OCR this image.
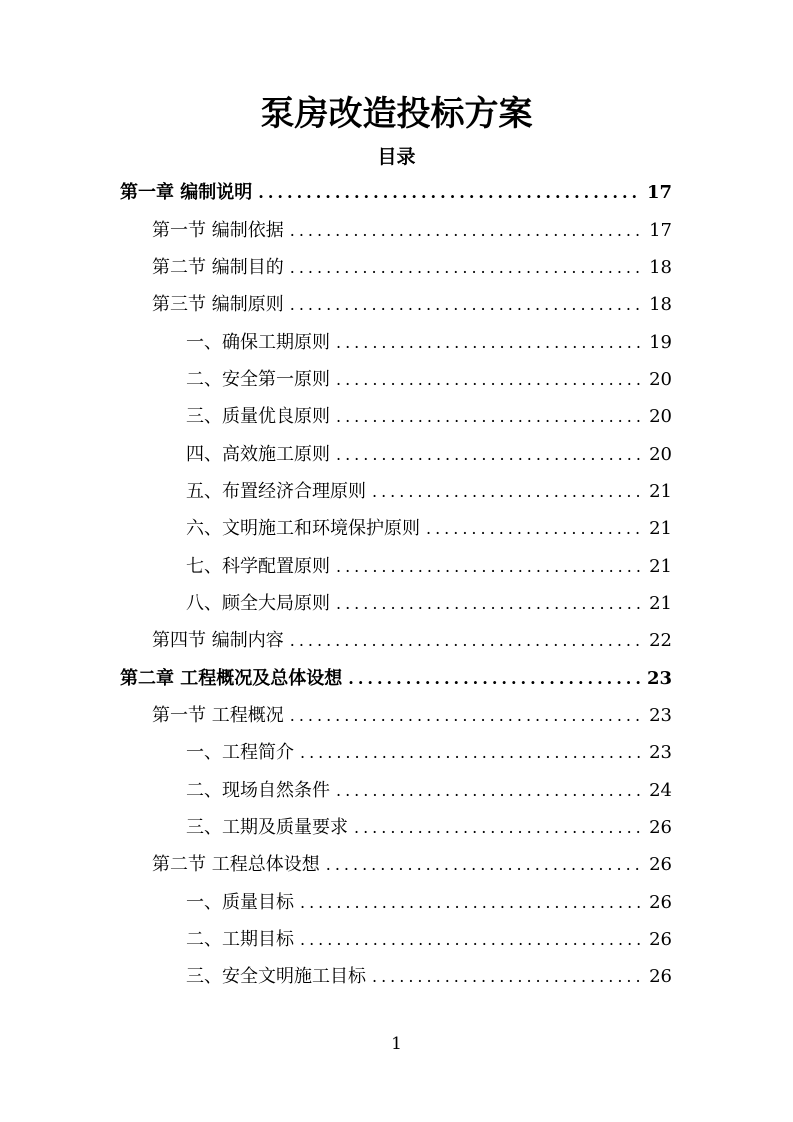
泵房改造投标方案
目录
第一章 编制说明 .....	17
第一节 编制依据 .....	17
第二节 编制目的 .....	18
第三节 编制原则 .....	18
一、确保工期原则 .....	19
二、安全第一原则 .....	20
三、质量优良原则 .....	20
四、高效施工原则 .....	20
五、布置经济合理原则 .....	21
六、文明施工和环境保护原则 .....	21
七、科学配置原则 .....	21
八、顾全大局原则 .....	21
第四节 编制内容 .....	22
第二章 工程概况及总体设想 .....	23
第一节 工程概况 .....	23
一、工程简介 .....	23
二、现场自然条件 .....	24
三、工期及质量要求 .....	26
第二节 工程总体设想 .....	26
一、质量目标 .....	26
二、工期目标 .....	26
三、安全文明施工目标 .....	26
1
